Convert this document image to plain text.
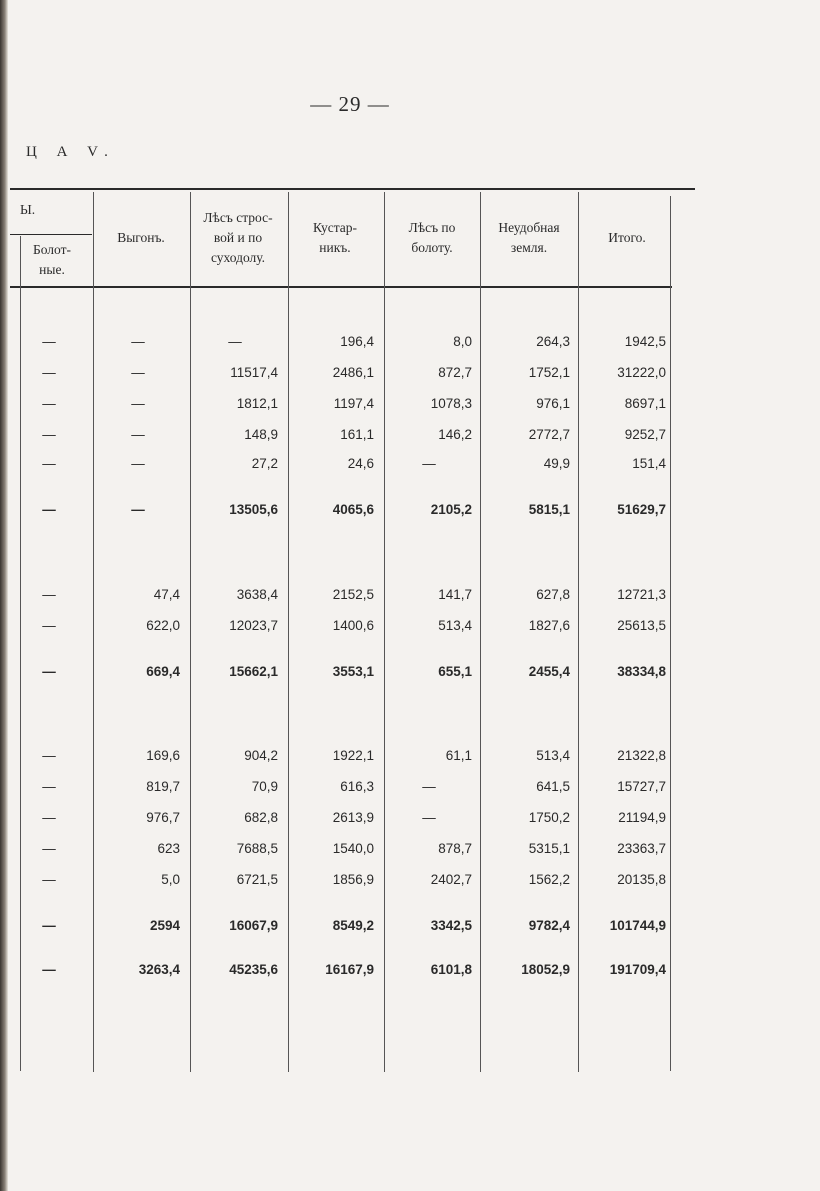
— 29 —
Ц А V.
Ы.
Болот-
ные.
Выгонъ.
Лѣсъ строс-
вой и по
суходолу.
Кустар-
никъ.
Лѣсъ по
болоту.
Неудобная
земля.
Итого.
—	—	—	196,4	8,0	264,3	1942,5
—	—	11517,4	2486,1	872,7	1752,1	31222,0
—	—	1812,1	1197,4	1078,3	976,1	8697,1
—	—	148,9	161,1	146,2	2772,7	9252,7
—	—	27,2	24,6	—	49,9	151,4
—	—	13505,6	4065,6	2105,2	5815,1	51629,7
—	47,4	3638,4	2152,5	141,7	627,8	12721,3
—	622,0	12023,7	1400,6	513,4	1827,6	25613,5
—	669,4	15662,1	3553,1	655,1	2455,4	38334,8
—	169,6	904,2	1922,1	61,1	513,4	21322,8
—	819,7	70,9	616,3	—	641,5	15727,7
—	976,7	682,8	2613,9	—	1750,2	21194,9
—	623	7688,5	1540,0	878,7	5315,1	23363,7
—	5,0	6721,5	1856,9	2402,7	1562,2	20135,8
—	2594	16067,9	8549,2	3342,5	9782,4	101744,9
—	3263,4	45235,6	16167,9	6101,8	18052,9	191709,4
